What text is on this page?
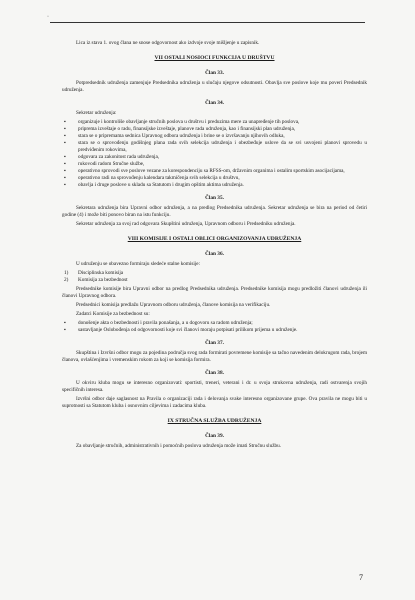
·

Lica iz stava 1. ovog člana ne snose odgovornost ako izdvoje svoje mišljenje u zapisnik.

VII OSTALI NOSIOCI FUNKCIJA U DRUŠTVU
Član 33.

Potpredsednik udruženja zamenjuje Predsednika udruženja u slučaju njegove odsutnosti. Obavlja sve poslove koje mu poveri Predsednik udruženja.

Član 34.

Sekretar udruženja:

▪ organizuje i kontroliše obavljanje stručnih poslova u društvu i preduzima mere za unapređenje tih poslova,
▪ priprema izveštaje o radu, finansijske izveštaje, planove rada udruženja, kao i finansijski plan udruženja,
▪ stara se o pripremama sednica Upravnog odbora udruženja i brine se o izvršavanju njihovih odluka,
▪ stara se o sprovođenju godišnjeg plana rada svih selekcija udruženja i obezbeđuje uslove da se svi usvojeni planovi sprovedu u predviđenim rokovima,
▪ odgovara za zakonitost rada udruženja,
▪ rukovodi radom Stručne službe,
▪ operativno sprovodi sve poslove vezane za korespondenciju sa RFSS-om, državnim organima i ostalim sportskim asocijacijama,
▪ operativno radi na sprovođenju kalendara takmičenja svih selekcija u društvu,
▪ obavlja i druge poslove u skladu sa Statutom i drugim opštim aktima udruženja.
Član 35.

Sekretara udruženja bira Upravni odbor udruženja, a na predlog Predsednika udruženja. Sekretar udruženja se bira na period od četiri godine (4) i može biti ponovo biran na istu funkciju.

Sekretar udruženja za svoj rad odgovara Skupštini udruženja, Upravnom odboru i Predsedniku udruženja.

VIII KOMISIJE I OSTALI OBLICI ORGANIZOVANJA UDRUŽENJA
Član 36.

U udruženju se obavezno formiraju sledeće stalne komisije:

1) Disciplinska komisija
2) Komisija za bezbednost

Predsednike komisije bira Upravni odbor na predlog Predsednika udruženja. Predsednike komisija mogu predložiti članovi udruženja ili članovi Upravnog odbora.

Predsednici komisija predlažu Upravnom odboru udruženja, članove komisija na verifikaciju.

Zadatci Komisije za bezbednost su:

▪ donošenje akta o bezbednosti i pravila ponašanja, a u dogovoru sa radom udruženja;
▪ sastavljanje Oslobođenja od odgovornosti koje svi članovi moraju potpisati prilikom prijema u udruženje.
Član 37.

Skupština i Izvršni odbor mogu za pojedina područja svog rada formirati povremene komisije sa tačno navedenim delokrugom rada, brojem članova, ovlašćenjima i vremenskim rokom za koji se komisija formira.

Član 38.

U okviru kluba mogu se interesno organizovati: sportisti, treneri, veterani i dr. u svoja strukovna udruženja, radi ostvarenja svojih specifičnih interesa.

Izvršni odbor daje saglasnost na Pravila o organizaciji rada i delovanja svake interesno organizovane grupe. Ova pravila ne mogu biti u suprotnosti sa Statutom kluba i osnovnim ciljevima i zadacima kluba.

IX STRUČNA SLUŽBA UDRUŽENJA
Član 39.

Za obavljanje stručnih, administrativnih i pomoćnih poslova udruženja može imati Stručnu službu.

7
